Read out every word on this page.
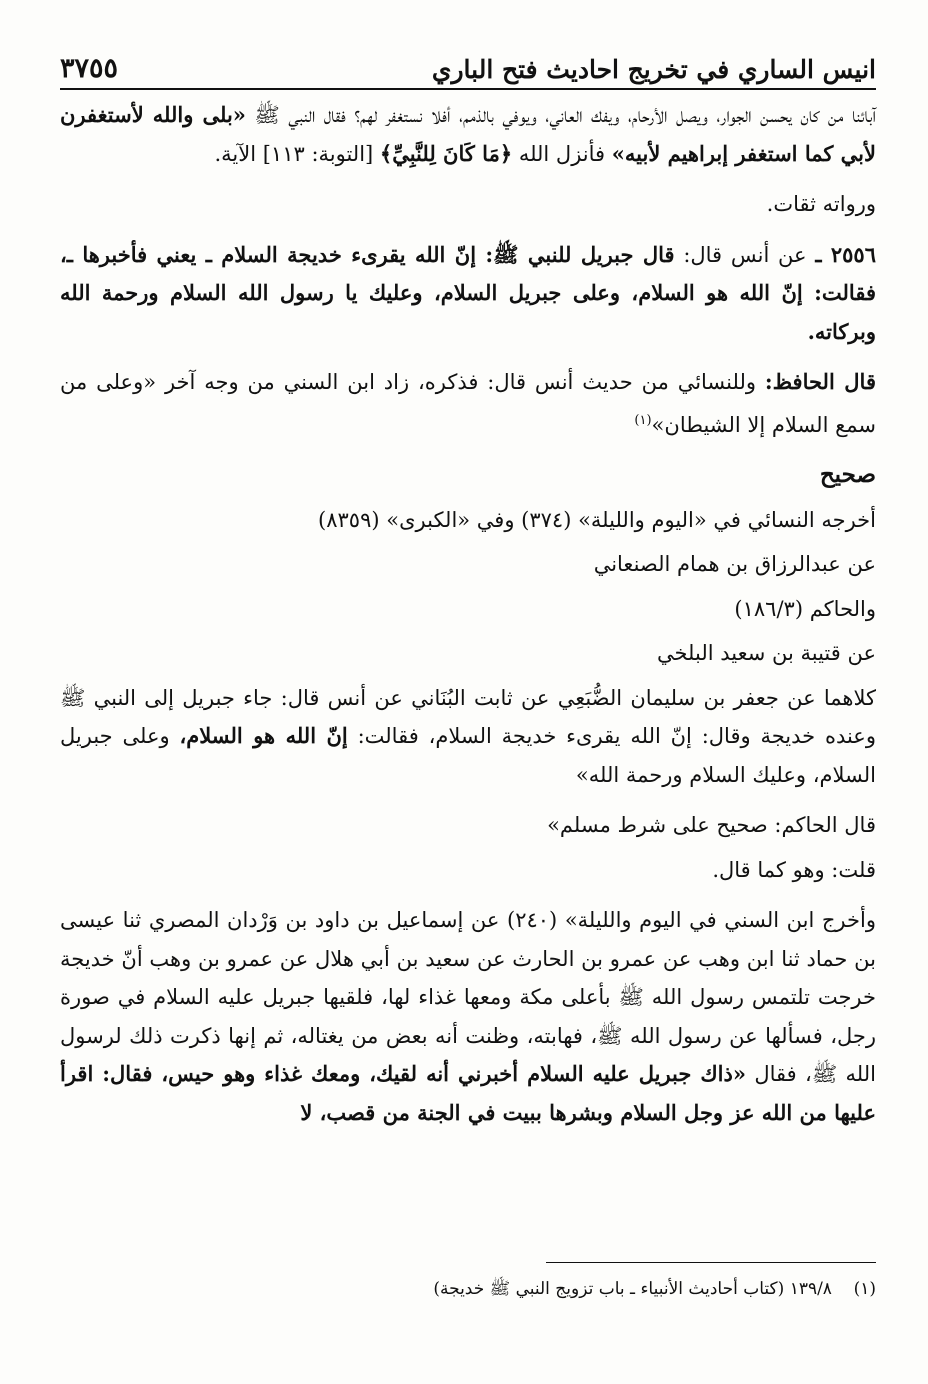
انيس الساري في تخريج احاديث فتح الباري
٣٧٥٥

آبائنا من كان يحسن الجوار، ويصل الأرحام، ويفك العاني، ويوفي بالذمم، أفلا نستغفر لهم؟ فقال النبي ﷺ «بلى والله لأستغفرن لأبي كما استغفر إبراهيم لأبيه» فأنزل الله ﴿مَا كَانَ لِلنَّبِيِّ﴾ [التوبة: ١١٣] الآية.

ورواته ثقات.

٢٥٥٦ ـ عن أنس قال: قال جبريل للنبي ﷺ: إنّ الله يقرىء خديجة السلام ـ يعني فأخبرها ـ، فقالت: إنّ الله هو السلام، وعلى جبريل السلام، وعليك يا رسول الله السلام ورحمة الله وبركاته.

قال الحافظ: وللنسائي من حديث أنس قال: فذكره، زاد ابن السني من وجه آخر «وعلى من سمع السلام إلا الشيطان»$^{(١)}$

صحيح

أخرجه النسائي في «اليوم والليلة» (٣٧٤) وفي «الكبرى» (٨٣٥٩)

عن عبدالرزاق بن همام الصنعاني

والحاكم (١٨٦/٣)

عن قتيبة بن سعيد البلخي

كلاهما عن جعفر بن سليمان الضُّبَعِي عن ثابت البُنَاني عن أنس قال: جاء جبريل إلى النبي ﷺ وعنده خديجة وقال: إنّ الله يقرىء خديجة السلام، فقالت: إنّ الله هو السلام، وعلى جبريل السلام، وعليك السلام ورحمة الله»

قال الحاكم: صحيح على شرط مسلم»

قلت: وهو كما قال.

وأخرج ابن السني في اليوم والليلة» (٢٤٠) عن إسماعيل بن داود بن وَرْدان المصري ثنا عيسى بن حماد ثنا ابن وهب عن عمرو بن الحارث عن سعيد بن أبي هلال عن عمرو بن وهب أنّ خديجة خرجت تلتمس رسول الله ﷺ بأعلى مكة ومعها غذاء لها، فلقيها جبريل عليه السلام في صورة رجل، فسألها عن رسول الله ﷺ، فهابته، وظنت أنه بعض من يغتاله، ثم إنها ذكرت ذلك لرسول الله ﷺ، فقال «ذاك جبريل عليه السلام أخبرني أنه لقيك، ومعك غذاء وهو حيس، فقال: اقرأ عليها من الله عز وجل السلام وبشرها ببيت في الجنة من قصب، لا

(١)    ١٣٩/٨ (كتاب أحاديث الأنبياء ـ باب تزويج النبي ﷺ خديجة)
